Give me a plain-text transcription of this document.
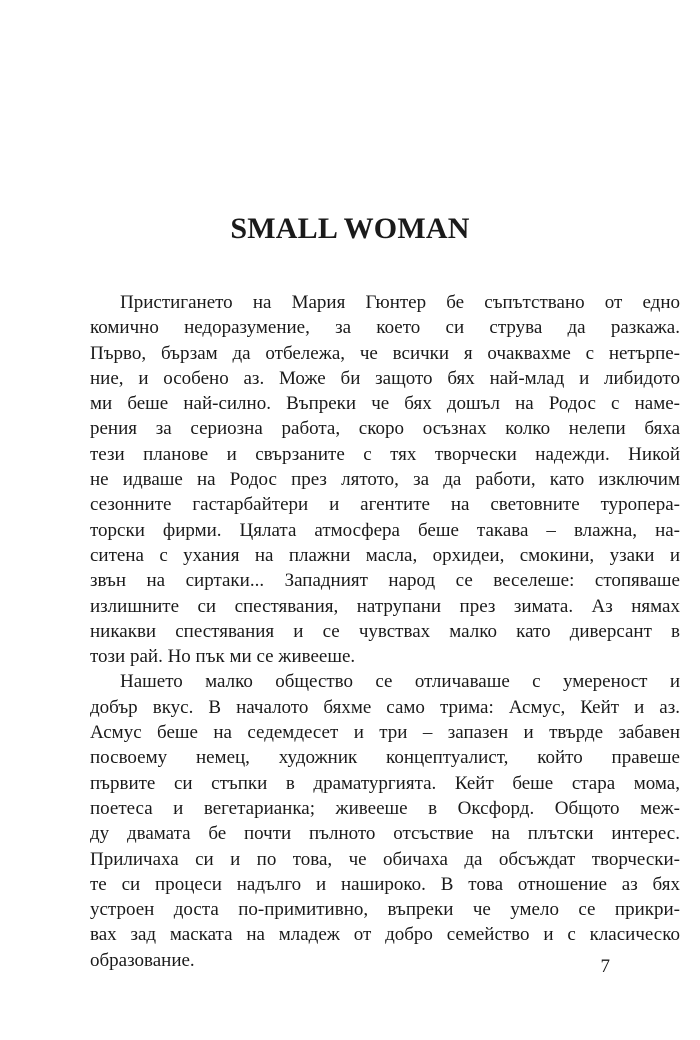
SMALL WOMAN
Пристигането на Мария Гюнтер бе съпътствано от едно
комично недоразумение, за което си струва да разкажа.
Първо, бързам да отбележа, че всички я очаквахме с нетърпе-
ние, и особено аз. Може би защото бях най-млад и либидото
ми беше най-силно. Въпреки че бях дошъл на Родос с наме-
рения за сериозна работа, скоро осъзнах колко нелепи бяха
тези планове и свързаните с тях творчески надежди. Никой
не идваше на Родос през лятото, за да работи, като изключим
сезонните гастарбайтери и агентите на световните туропера-
торски фирми. Цялата атмосфера беше такава – влажна, на-
ситена с ухания на плажни масла, орхидеи, смокини, узаки и
звън на сиртаки... Западният народ се веселеше: стопяваше
излишните си спестявания, натрупани през зимата. Аз нямах
никакви спестявания и се чувствах малко като диверсант в
този рай. Но пък ми се живееше.
Нашето малко общество се отличаваше с умереност и
добър вкус. В началото бяхме само трима: Асмус, Кейт и аз.
Асмус беше на седемдесет и три – запазен и твърде забавен
посвоему немец, художник концептуалист, който правеше
първите си стъпки в драматургията. Кейт беше стара мома,
поетеса и вегетарианка; живееше в Оксфорд. Общото меж-
ду двамата бе почти пълното отсъствие на плътски интерес.
Приличаха си и по това, че обичаха да обсъждат творчески-
те си процеси надълго и нашироко. В това отношение аз бях
устроен доста по-примитивно, въпреки че умело се прикри-
вах зад маската на младеж от добро семейство и с класическо
образование.	7
